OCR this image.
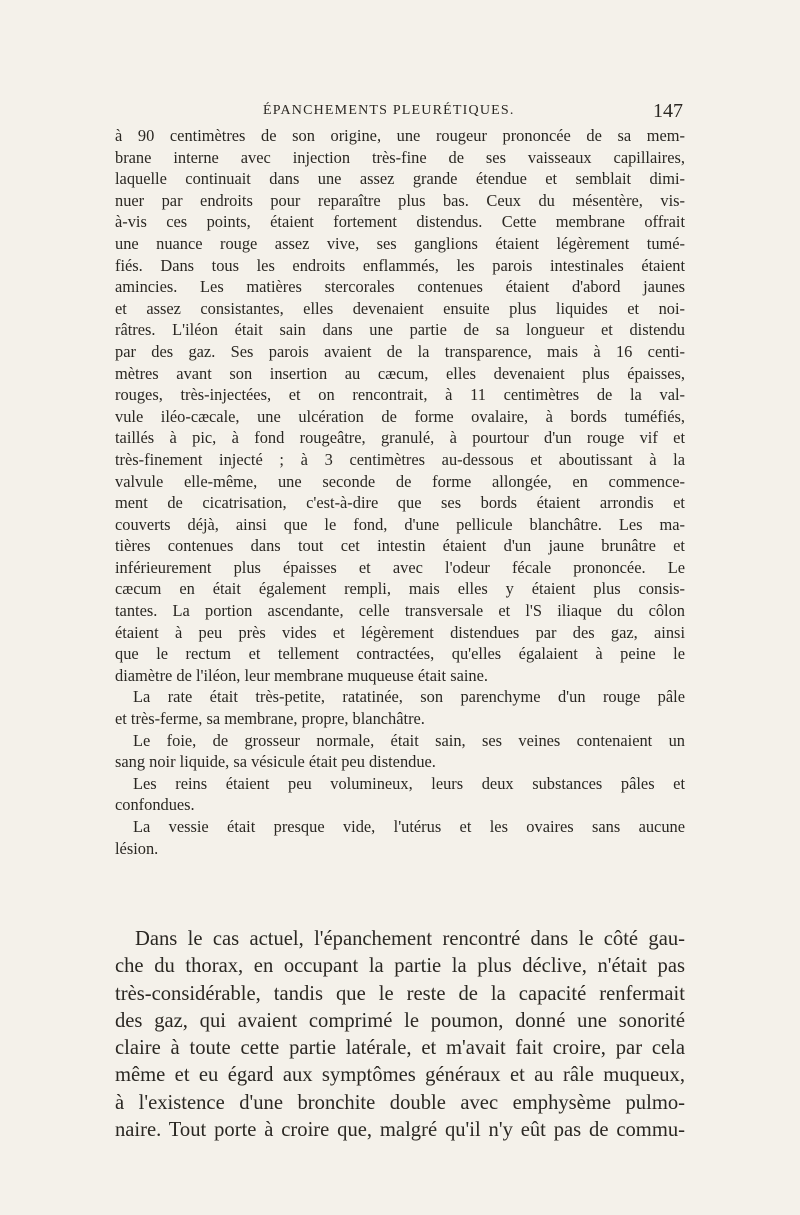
ÉPANCHEMENTS PLEURÉTIQUES.	147
à 90 centimètres de son origine, une rougeur prononcée de sa mem-
brane interne avec injection très-fine de ses vaisseaux capillaires,
laquelle continuait dans une assez grande étendue et semblait dimi-
nuer par endroits pour reparaître plus bas. Ceux du mésentère, vis-
à-vis ces points, étaient fortement distendus. Cette membrane offrait
une nuance rouge assez vive, ses ganglions étaient légèrement tumé-
fiés. Dans tous les endroits enflammés, les parois intestinales étaient
amincies. Les matières stercorales contenues étaient d'abord jaunes
et assez consistantes, elles devenaient ensuite plus liquides et noi-
râtres. L'iléon était sain dans une partie de sa longueur et distendu
par des gaz. Ses parois avaient de la transparence, mais à 16 centi-
mètres avant son insertion au cæcum, elles devenaient plus épaisses,
rouges, très-injectées, et on rencontrait, à 11 centimètres de la val-
vule iléo-cæcale, une ulcération de forme ovalaire, à bords tuméfiés,
taillés à pic, à fond rougeâtre, granulé, à pourtour d'un rouge vif et
très-finement injecté ; à 3 centimètres au-dessous et aboutissant à la
valvule elle-même, une seconde de forme allongée, en commence-
ment de cicatrisation, c'est-à-dire que ses bords étaient arrondis et
couverts déjà, ainsi que le fond, d'une pellicule blanchâtre. Les ma-
tières contenues dans tout cet intestin étaient d'un jaune brunâtre et
inférieurement plus épaisses et avec l'odeur fécale prononcée. Le
cæcum en était également rempli, mais elles y étaient plus consis-
tantes. La portion ascendante, celle transversale et l'S iliaque du côlon
étaient à peu près vides et légèrement distendues par des gaz, ainsi
que le rectum et tellement contractées, qu'elles égalaient à peine le
diamètre de l'iléon, leur membrane muqueuse était saine.
La rate était très-petite, ratatinée, son parenchyme d'un rouge pâle
et très-ferme, sa membrane, propre, blanchâtre.
Le foie, de grosseur normale, était sain, ses veines contenaient un
sang noir liquide, sa vésicule était peu distendue.
Les reins étaient peu volumineux, leurs deux substances pâles et
confondues.
La vessie était presque vide, l'utérus et les ovaires sans aucune
lésion.
Dans le cas actuel, l'épanchement rencontré dans le côté gau-
che du thorax, en occupant la partie la plus déclive, n'était pas
très-considérable, tandis que le reste de la capacité renfermait
des gaz, qui avaient comprimé le poumon, donné une sonorité
claire à toute cette partie latérale, et m'avait fait croire, par cela
même et eu égard aux symptômes généraux et au râle muqueux,
à l'existence d'une bronchite double avec emphysème pulmo-
naire. Tout porte à croire que, malgré qu'il n'y eût pas de commu-
